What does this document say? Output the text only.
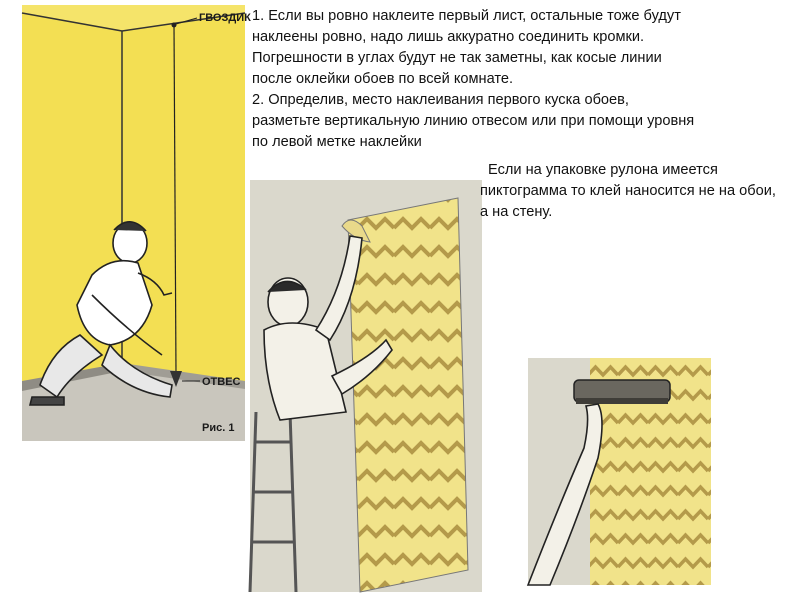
ГВОЗДИК
ОТВЕС
Рис. 1

1. Если вы ровно наклеите первый лист, остальные тоже будут
наклеены ровно, надо лишь аккуратно соединить кромки.
Погрешности в углах будут не так заметны, как косые линии
после оклейки обоев по всей комнате.
2. Определив, место наклеивания первого куска обоев,
разметьте вертикальную линию отвесом или при помощи уровня
по левой метке наклейки

Если на упаковке рулона имеется пиктограмма то клей наносится не на обои, а на стену.
